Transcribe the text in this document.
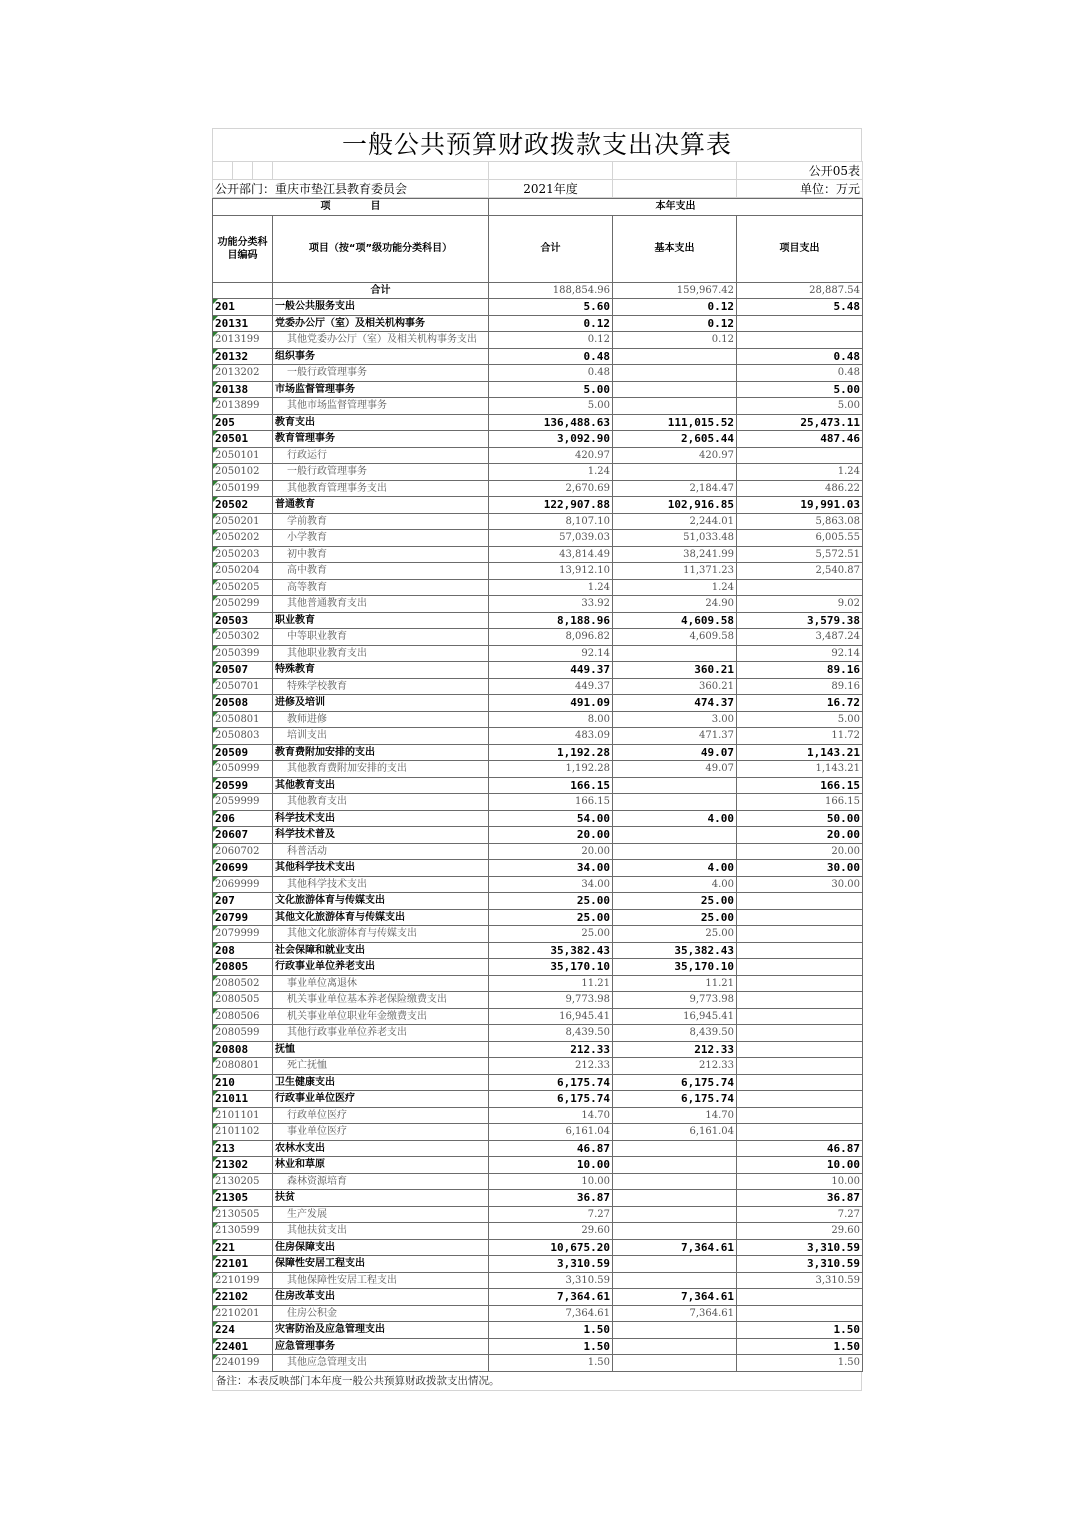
一般公共预算财政拨款支出决算表
						公开05表
公开部门：重庆市垫江县教育委员会				2021年度		单位：万元
项　　　　目		本年支出		
功能分类科目编码	项目（按“项”级功能分类科目）	合计	基本支出	项目支出
	合计	188,854.96	159,967.42	28,887.54
201	一般公共服务支出	5.60	0.12	5.48
20131	党委办公厅（室）及相关机构事务	0.12	0.12	
2013199	其他党委办公厅（室）及相关机构事务支出	0.12	0.12	
20132	组织事务	0.48		0.48
2013202	一般行政管理事务	0.48		0.48
20138	市场监督管理事务	5.00		5.00
2013899	其他市场监督管理事务	5.00		5.00
205	教育支出	136,488.63	111,015.52	25,473.11
20501	教育管理事务	3,092.90	2,605.44	487.46
2050101	行政运行	420.97	420.97	
2050102	一般行政管理事务	1.24		1.24
2050199	其他教育管理事务支出	2,670.69	2,184.47	486.22
20502	普通教育	122,907.88	102,916.85	19,991.03
2050201	学前教育	8,107.10	2,244.01	5,863.08
2050202	小学教育	57,039.03	51,033.48	6,005.55
2050203	初中教育	43,814.49	38,241.99	5,572.51
2050204	高中教育	13,912.10	11,371.23	2,540.87
2050205	高等教育	1.24	1.24	
2050299	其他普通教育支出	33.92	24.90	9.02
20503	职业教育	8,188.96	4,609.58	3,579.38
2050302	中等职业教育	8,096.82	4,609.58	3,487.24
2050399	其他职业教育支出	92.14		92.14
20507	特殊教育	449.37	360.21	89.16
2050701	特殊学校教育	449.37	360.21	89.16
20508	进修及培训	491.09	474.37	16.72
2050801	教师进修	8.00	3.00	5.00
2050803	培训支出	483.09	471.37	11.72
20509	教育费附加安排的支出	1,192.28	49.07	1,143.21
2050999	其他教育费附加安排的支出	1,192.28	49.07	1,143.21
20599	其他教育支出	166.15		166.15
2059999	其他教育支出	166.15		166.15
206	科学技术支出	54.00	4.00	50.00
20607	科学技术普及	20.00		20.00
2060702	科普活动	20.00		20.00
20699	其他科学技术支出	34.00	4.00	30.00
2069999	其他科学技术支出	34.00	4.00	30.00
207	文化旅游体育与传媒支出	25.00	25.00	
20799	其他文化旅游体育与传媒支出	25.00	25.00	
2079999	其他文化旅游体育与传媒支出	25.00	25.00	
208	社会保障和就业支出	35,382.43	35,382.43	
20805	行政事业单位养老支出	35,170.10	35,170.10	
2080502	事业单位离退休	11.21	11.21	
2080505	机关事业单位基本养老保险缴费支出	9,773.98	9,773.98	
2080506	机关事业单位职业年金缴费支出	16,945.41	16,945.41	
2080599	其他行政事业单位养老支出	8,439.50	8,439.50	
20808	抚恤	212.33	212.33	
2080801	死亡抚恤	212.33	212.33	
210	卫生健康支出	6,175.74	6,175.74	
21011	行政事业单位医疗	6,175.74	6,175.74	
2101101	行政单位医疗	14.70	14.70	
2101102	事业单位医疗	6,161.04	6,161.04	
213	农林水支出	46.87		46.87
21302	林业和草原	10.00		10.00
2130205	森林资源培育	10.00		10.00
21305	扶贫	36.87		36.87
2130505	生产发展	7.27		7.27
2130599	其他扶贫支出	29.60		29.60
221	住房保障支出	10,675.20	7,364.61	3,310.59
22101	保障性安居工程支出	3,310.59		3,310.59
2210199	其他保障性安居工程支出	3,310.59		3,310.59
22102	住房改革支出	7,364.61	7,364.61	
2210201	住房公积金	7,364.61	7,364.61	
224	灾害防治及应急管理支出	1.50		1.50
22401	应急管理事务	1.50		1.50
2240199	其他应急管理支出	1.50		1.50
备注：本表反映部门本年度一般公共预算财政拨款支出情况。
